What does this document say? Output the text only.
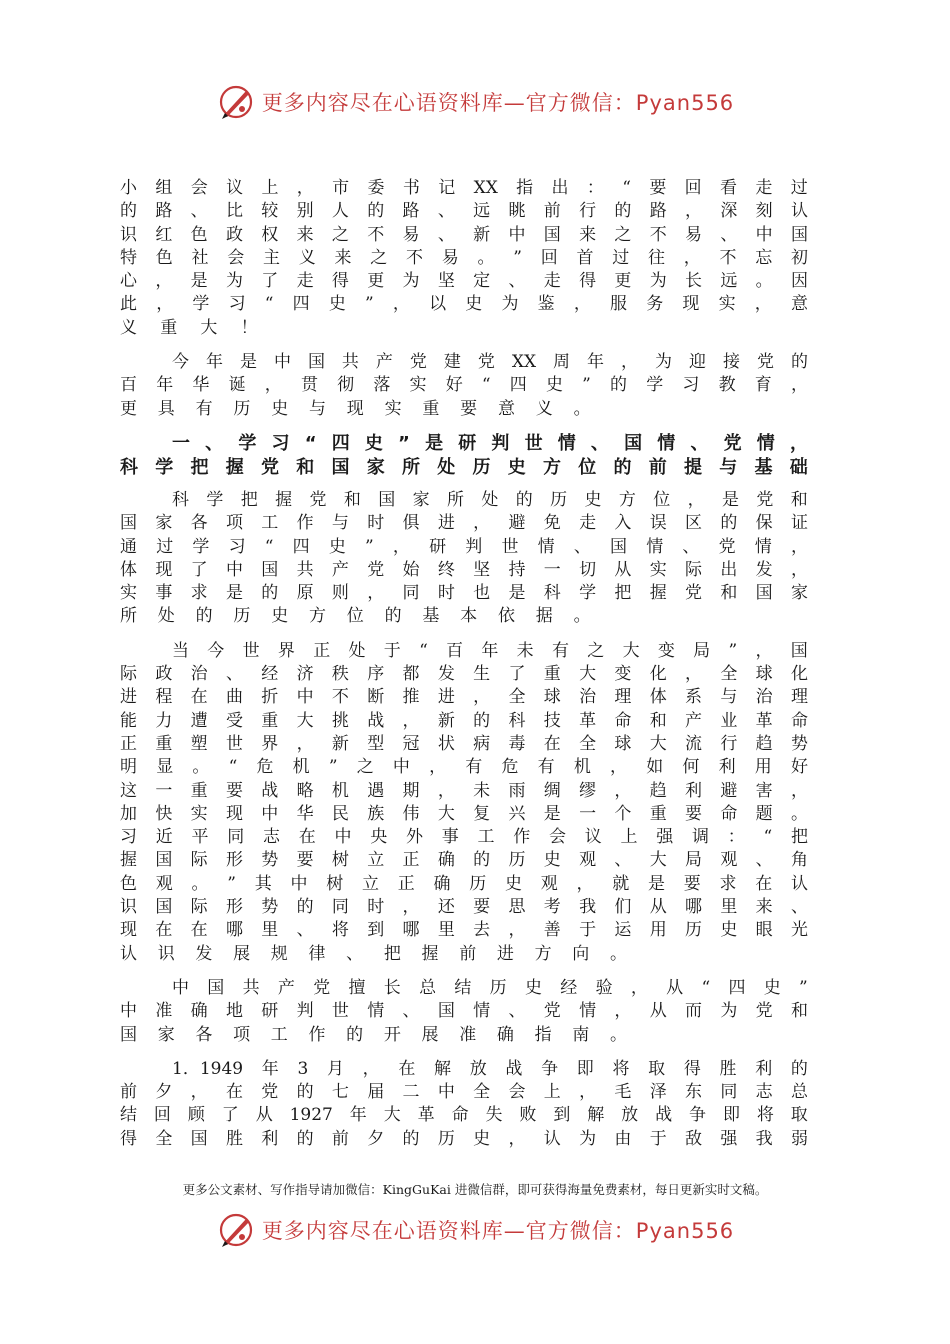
更多内容尽在心语资料库—官方微信：Pyan556
小 组 会 议 上 ， 市 委 书 记 XX 指 出 ： “ 要 回 看 走 过
的 路 、 比 较 别 人 的 路 、 远 眺 前 行 的 路 ， 深 刻 认
识 红 色 政 权 来 之 不 易 、 新 中 国 来 之 不 易 、 中 国
特 色 社 会 主 义 来 之 不 易 。 ” 回 首 过 往 ， 不 忘 初
心 ， 是 为 了 走 得 更 为 坚 定 、 走 得 更 为 长 远 。 因
此 ， 学 习 “ 四 史 ” ， 以 史 为 鉴 ， 服 务 现 实 ， 意
义 重 大 ！
今 年 是 中 国 共 产 党 建 党 XX 周 年 ， 为 迎 接 党 的
百 年 华 诞 ， 贯 彻 落 实 好 “ 四 史 ” 的 学 习 教 育 ，
更 具 有 历 史 与 现 实 重 要 意 义 。
一 、 学 习 “ 四 史 ” 是 研 判 世 情 、 国 情 、 党 情 ，
科 学 把 握 党 和 国 家 所 处 历 史 方 位 的 前 提 与 基 础
科 学 把 握 党 和 国 家 所 处 的 历 史 方 位 ， 是 党 和
国 家 各 项 工 作 与 时 俱 进 ， 避 免 走 入 误 区 的 保 证
通 过 学 习 “ 四 史 ” ， 研 判 世 情 、 国 情 、 党 情 ，
体 现 了 中 国 共 产 党 始 终 坚 持 一 切 从 实 际 出 发 ，
实 事 求 是 的 原 则 ， 同 时 也 是 科 学 把 握 党 和 国 家
所 处 的 历 史 方 位 的 基 本 依 据 。
当 今 世 界 正 处 于 “ 百 年 未 有 之 大 变 局 ” ， 国
际 政 治 、 经 济 秩 序 都 发 生 了 重 大 变 化 ， 全 球 化
进 程 在 曲 折 中 不 断 推 进 ， 全 球 治 理 体 系 与 治 理
能 力 遭 受 重 大 挑 战 ， 新 的 科 技 革 命 和 产 业 革 命
正 重 塑 世 界 ， 新 型 冠 状 病 毒 在 全 球 大 流 行 趋 势
明 显 。 “ 危 机 ” 之 中 ， 有 危 有 机 ， 如 何 利 用 好
这 一 重 要 战 略 机 遇 期 ， 未 雨 绸 缪 ， 趋 利 避 害 ，
加 快 实 现 中 华 民 族 伟 大 复 兴 是 一 个 重 要 命 题 。
习 近 平 同 志 在 中 央 外 事 工 作 会 议 上 强 调 ： “ 把
握 国 际 形 势 要 树 立 正 确 的 历 史 观 、 大 局 观 、 角
色 观 。 ” 其 中 树 立 正 确 历 史 观 ， 就 是 要 求 在 认
识 国 际 形 势 的 同 时 ， 还 要 思 考 我 们 从 哪 里 来 、
现 在 在 哪 里 、 将 到 哪 里 去 ， 善 于 运 用 历 史 眼 光
认 识 发 展 规 律 、 把 握 前 进 方 向 。
中 国 共 产 党 擅 长 总 结 历 史 经 验 ， 从 “ 四 史 ”
中 准 确 地 研 判 世 情 、 国 情 、 党 情 ， 从 而 为 党 和
国 家 各 项 工 作 的 开 展 准 确 指 南 。
1．1949 年 3 月 ， 在 解 放 战 争 即 将 取 得 胜 利 的
前 夕 ， 在 党 的 七 届 二 中 全 会 上 ， 毛 泽 东 同 志 总
结 回 顾 了 从 1927 年 大 革 命 失 败 到 解 放 战 争 即 将 取
得 全 国 胜 利 的 前 夕 的 历 史 ， 认 为 由 于 敌 强 我 弱
更多公文素材、写作指导请加微信：KingGuKai 进微信群，即可获得海量免费素材，每日更新实时文稿。
更多内容尽在心语资料库—官方微信：Pyan556
